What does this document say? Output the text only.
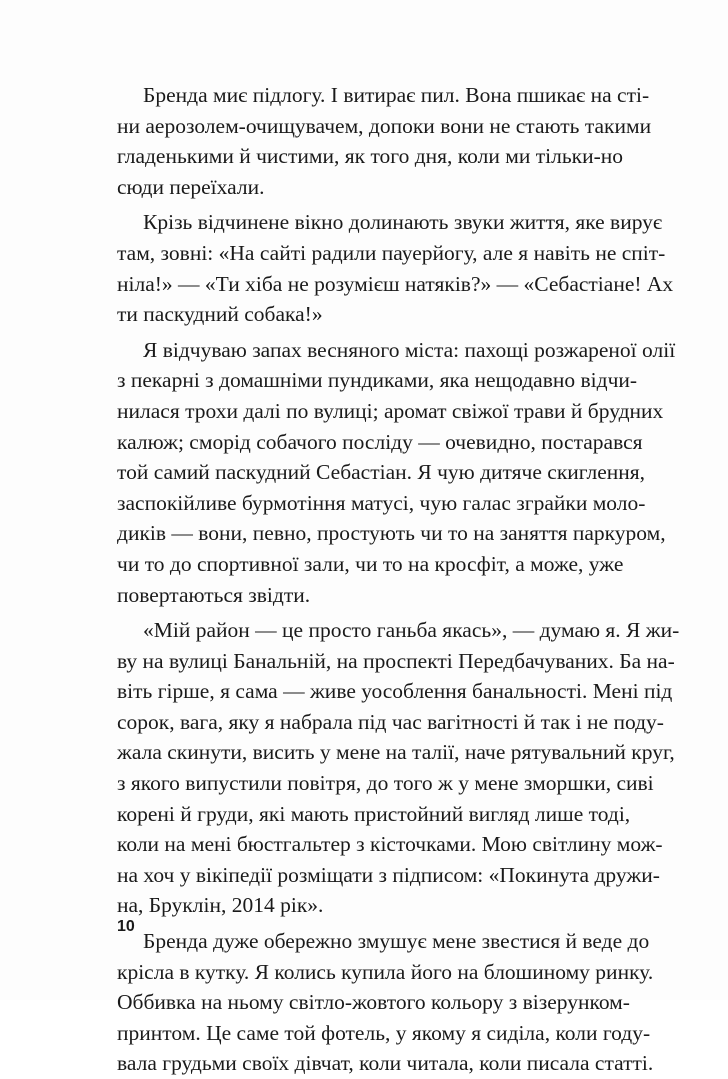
Бренда миє підлогу. І витирає пил. Вона пшикає на сті-
ни аерозолем-очищувачем, допоки вони не стають такими
гладенькими й чистими, як того дня, коли ми тільки-но
сюди переїхали.

Крізь відчинене вікно долинають звуки життя, яке вирує
там, зовні: «На сайті радили пауерйогу, але я навіть не спіт-
ніла!» — «Ти хіба не розумієш натяків?» — «Себастіане! Ах
ти паскудний собака!»

Я відчуваю запах весняного міста: пахощі розжареної олії
з пекарні з домашніми пундиками, яка нещодавно відчи-
нилася трохи далі по вулиці; аромат свіжої трави й брудних
калюж; сморід собачого посліду — очевидно, постарався
той самий паскудний Себастіан. Я чую дитяче скиглення,
заспокійливе бурмотіння матусі, чую галас зграйки моло-
диків — вони, певно, простують чи то на заняття паркуром,
чи то до спортивної зали, чи то на кросфіт, а може, уже
повертаються звідти.

«Мій район — це просто ганьба якась», — думаю я. Я жи-
ву на вулиці Банальній, на проспекті Передбачуваних. Ба на-
віть гірше, я сама — живе уособлення банальності. Мені під
сорок, вага, яку я набрала під час вагітності й так і не поду-
жала скинути, висить у мене на талії, наче рятувальний круг,
з якого випустили повітря, до того ж у мене зморшки, сиві
корені й груди, які мають пристойний вигляд лише тоді,
коли на мені бюстгальтер з кісточками. Мою світлину мож-
на хоч у вікіпедії розміщати з підписом: «Покинута дружи-
на, Бруклін, 2014 рік».

Бренда дуже обережно змушує мене звестися й веде до
крісла в кутку. Я колись купила його на блошиному ринку.
Оббивка на ньому світло-жовтого кольору з візерунком-
принтом. Це саме той фотель, у якому я сиділа, коли году-
вала грудьми своїх дівчат, коли читала, коли писала статті.

10
